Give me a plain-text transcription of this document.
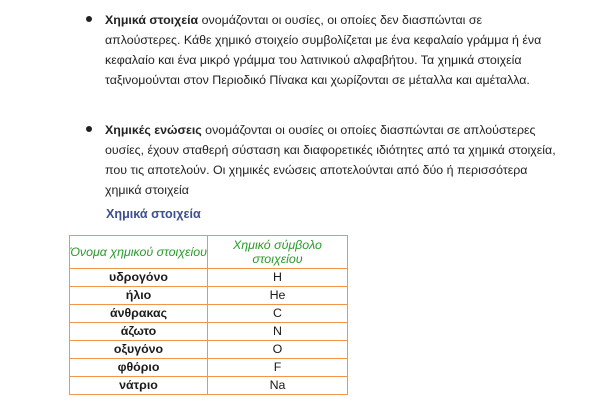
Χημικά στοιχεία ονομάζονται οι ουσίες, οι οποίες δεν διασπώνται σε απλούστερες. Κάθε χημικό στοιχείο συμβολίζεται με ένα κεφαλαίο γράμμα ή ένα κεφαλαίο και ένα μικρό γράμμα του λατινικού αλφαβήτου. Τα χημικά στοιχεία ταξινομούνται στον Περιοδικό Πίνακα και χωρίζονται σε μέταλλα και αμέταλλα.

Χημικές ενώσεις ονομάζονται οι ουσίες οι οποίες διασπώνται σε απλούστερες ουσίες, έχουν σταθερή σύσταση και διαφορετικές ιδιότητες από τα χημικά στοιχεία, που τις αποτελούν. Οι χημικές ενώσεις αποτελούνται από δύο ή περισσότερα χημικά στοιχεία

Χημικά στοιχεία
Όνομα χημικού στοιχείου	Χημικό σύμβολο στοιχείου
υδρογόνο	H
ήλιο	He
άνθρακας	C
άζωτο	N
οξυγόνο	O
φθόριο	F
νάτριο	Na
